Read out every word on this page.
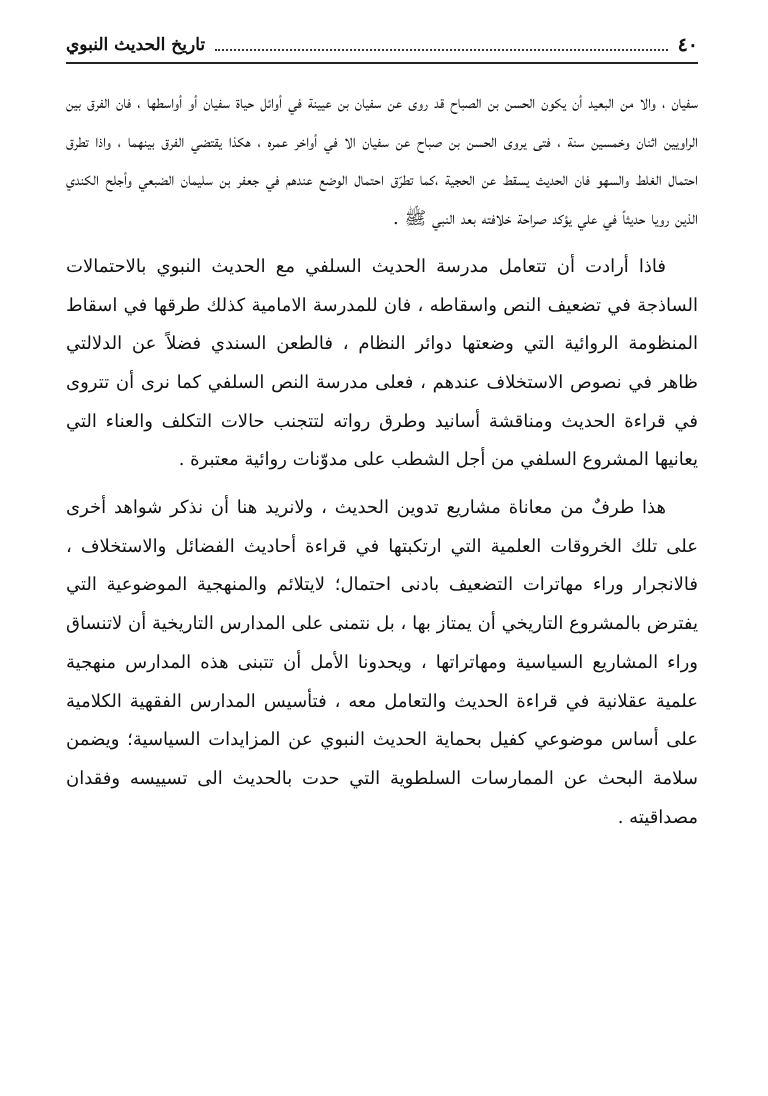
٤٠
تاريخ الحديث النبوي

سفيان ، والا من البعيد أن يكون الحسن بن الصباح قد روى عن سفيان بن عيينة في أوائل حياة سفيان أو أواسطها ، فان الفرق بين الراويين اثنان وخمسين سنة ، فتى يروى الحسن بن صباح عن سفيان الا في أواخر عمره ، هكذا يقتضي الفرق بينهما ، واذا تطرق احتمال الغلط والسهو فان الحديث يسقط عن الحجية ،كما تطرّق احتمال الوضع عندهم في جعفر بن سليمان الضبعي وأجلح الكندي الذين رويا حديثاً في علي يؤكد صراحة خلافته بعد النبي ﷺ .

فاذا أرادت أن تتعامل مدرسة الحديث السلفي مع الحديث النبوي بالاحتمالات الساذجة في تضعيف النص واسقاطه ، فان للمدرسة الامامية كذلك طرقها في اسقاط المنظومة الروائية التي وضعتها دوائر النظام ، فالطعن السندي فضلاً عن الدلالتي ظاهر في نصوص الاستخلاف عندهم ، فعلى مدرسة النص السلفي كما نرى أن تتروى في قراءة الحديث ومناقشة أسانيد وطرق رواته لتتجنب حالات التكلف والعناء التي يعانيها المشروع السلفي من أجل الشطب على مدوّنات روائية معتبرة .

هذا طرفٌ من معاناة مشاريع تدوين الحديث ، ولانريد هنا أن نذكر شواهد أخرى على تلك الخروقات العلمية التي ارتكبتها في قراءة أحاديث الفضائل والاستخلاف ، فالانجرار وراء مهاترات التضعيف بادنى احتمال؛ لايتلائم والمنهجية الموضوعية التي يفترض بالمشروع التاريخي أن يمتاز بها ، بل نتمنى على المدارس التاريخية أن لاتنساق وراء المشاريع السياسية ومهاتراتها ، ويحدونا الأمل أن تتبنى هذه المدارس منهجية علمية عقلانية في قراءة الحديث والتعامل معه ، فتأسيس المدارس الفقهية الكلامية على أساس موضوعي كفيل بحماية الحديث النبوي عن المزايدات السياسية؛ ويضمن سلامة البحث عن الممارسات السلطوية التي حدت بالحديث الى تسييسه وفقدان مصداقيته .
